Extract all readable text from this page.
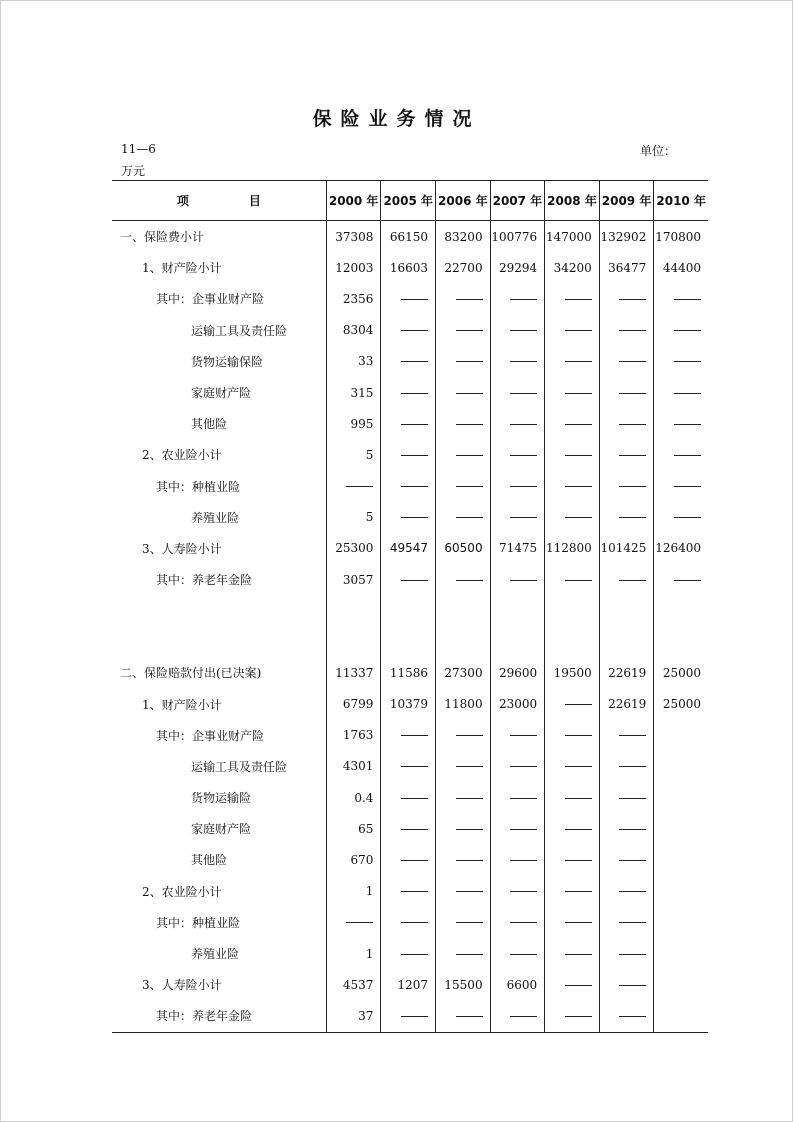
保险业务情况
11—6	单位：
万元
项 目	2000 年	2005 年	2006 年	2007 年	2008 年	2009 年	2010 年
一、保险费小计	37308	66150	83200	100776	147000	132902	170800
1、财产险小计	12003	16603	22700	29294	34200	36477	44400
其中：企事业财产险	2356						
运输工具及责任险	8304						
货物运输保险	33						
家庭财产险	315						
其他险	995						
2、农业险小计	5						
其中：种植业险							
养殖业险	5						
3、人寿险小计	25300	49547	60500	71475	112800	101425	126400
其中：养老年金险	3057						

二、保险赔款付出(已决案)	11337	11586	27300	29600	19500	22619	25000
1、财产险小计	6799	10379	11800	23000		22619	25000
其中：企事业财产险	1763						
运输工具及责任险	4301						
货物运输险	0.4						
家庭财产险	65						
其他险	670						
2、农业险小计	1						
其中：种植业险							
养殖业险	1						
3、人寿险小计	4537	1207	15500	6600			
其中：养老年金险	37						
